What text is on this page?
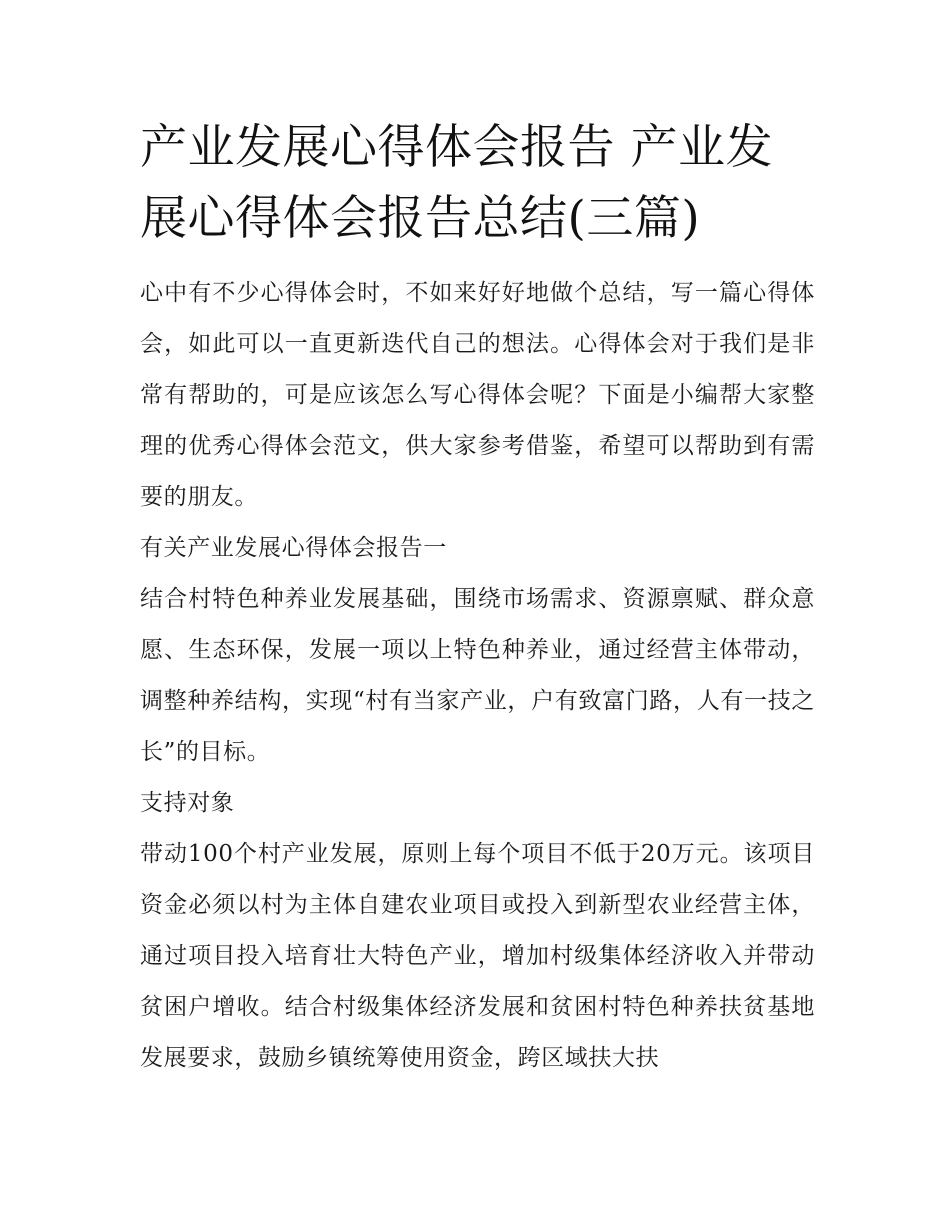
产业发展心得体会报告 产业发展心得体会报告总结(三篇)

心中有不少心得体会时，不如来好好地做个总结，写一篇心得体会，如此可以一直更新迭代自己的想法。心得体会对于我们是非常有帮助的，可是应该怎么写心得体会呢？下面是小编帮大家整理的优秀心得体会范文，供大家参考借鉴，希望可以帮助到有需要的朋友。

有关产业发展心得体会报告一

结合村特色种养业发展基础，围绕市场需求、资源禀赋、群众意愿、生态环保，发展一项以上特色种养业，通过经营主体带动，调整种养结构，实现“村有当家产业，户有致富门路，人有一技之长”的目标。

支持对象

带动100个村产业发展，原则上每个项目不低于20万元。该项目资金必须以村为主体自建农业项目或投入到新型农业经营主体，通过项目投入培育壮大特色产业，增加村级集体经济收入并带动贫困户增收。结合村级集体经济发展和贫困村特色种养扶贫基地发展要求，鼓励乡镇统筹使用资金，跨区域扶大扶
